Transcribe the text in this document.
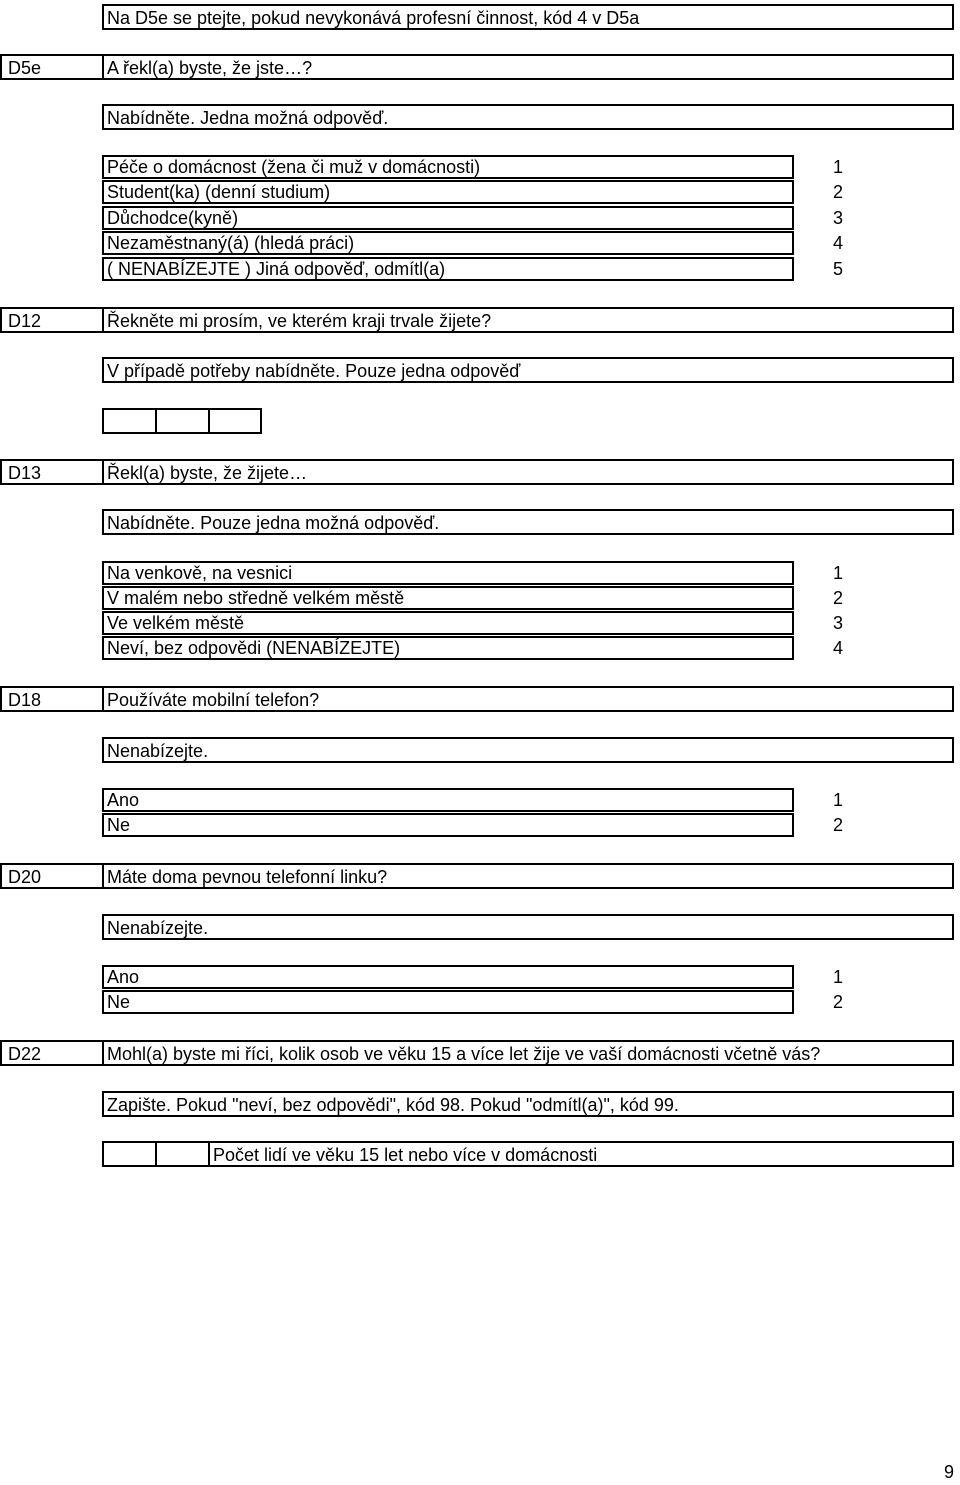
Na D5e se ptejte, pokud nevykonává profesní činnost, kód 4 v D5a
D5e	A řekl(a) byste, že jste…?
Nabídněte. Jedna možná odpověď.
Péče o domácnost (žena či muž v domácnosti)	1
Student(ka) (denní studium)	2
Důchodce(kyně)	3
Nezaměstnaný(á) (hledá práci)	4
( NENABÍZEJTE ) Jiná odpověď, odmítl(a)	5
D12	Řekněte mi prosím, ve kterém kraji trvale žijete?
V případě potřeby nabídněte. Pouze jedna odpověď
D13	Řekl(a) byste, že žijete…
Nabídněte. Pouze jedna možná odpověď.
Na venkově, na vesnici	1
V malém nebo středně velkém městě	2
Ve velkém městě	3
Neví, bez odpovědi (NENABÍZEJTE)	4
D18	Používáte mobilní telefon?
Nenabízejte.
Ano	1
Ne	2
D20	Máte doma pevnou telefonní linku?
Nenabízejte.
Ano	1
Ne	2
D22	Mohl(a) byste mi říci, kolik osob ve věku 15 a více let žije ve vaší domácnosti včetně vás?
Zapište. Pokud "neví, bez odpovědi", kód 98. Pokud "odmítl(a)", kód 99.
Počet lidí ve věku 15 let nebo více v domácnosti
9
